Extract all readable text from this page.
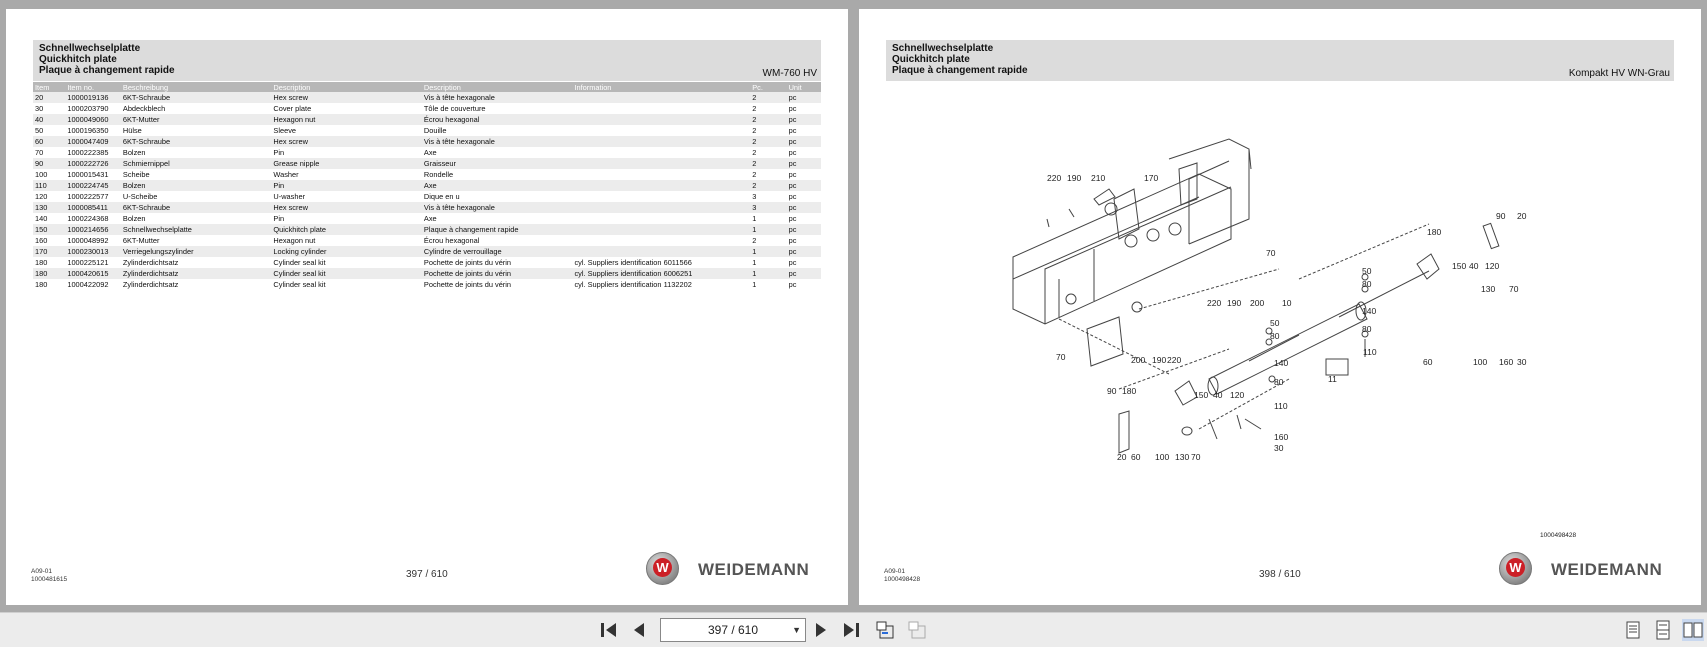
Schnellwechselplatte
Quickhitch plate
Plaque à changement rapide	WM-760 HV
Item	Item no.	Beschreibung	Description	Description	Information	Pc.	Unit
20	1000019136	6KT-Schraube	Hex screw	Vis à tête hexagonale		2	pc
30	1000203790	Abdeckblech	Cover plate	Tôle de couverture		2	pc
40	1000049060	6KT-Mutter	Hexagon nut	Écrou hexagonal		2	pc
50	1000196350	Hülse	Sleeve	Douille		2	pc
60	1000047409	6KT-Schraube	Hex screw	Vis à tête hexagonale		2	pc
70	1000222385	Bolzen	Pin	Axe		2	pc
90	1000222726	Schmiernippel	Grease nipple	Graisseur		2	pc
100	1000015431	Scheibe	Washer	Rondelle		2	pc
110	1000224745	Bolzen	Pin	Axe		2	pc
120	1000222577	U-Scheibe	U-washer	Dique en u		3	pc
130	1000085411	6KT-Schraube	Hex screw	Vis à tête hexagonale		3	pc
140	1000224368	Bolzen	Pin	Axe		1	pc
150	1000214656	Schnellwechselplatte	Quickhitch plate	Plaque à changement rapide		1	pc
160	1000048992	6KT-Mutter	Hexagon nut	Écrou hexagonal		2	pc
170	1000230013	Verriegelungszylinder	Locking cylinder	Cylindre de verrouillage		1	pc
180	1000225121	Zylinderdichtsatz	Cylinder seal kit	Pochette de joints du vérin	cyl. Suppliers identification 6011566	1	pc
180	1000420615	Zylinderdichtsatz	Cylinder seal kit	Pochette de joints du vérin	cyl. Suppliers identification 6006251	1	pc
180	1000422092	Zylinderdichtsatz	Cylinder seal kit	Pochette de joints du vérin	cyl. Suppliers identification 1132202	1	pc
A09-01
1000481615	397 / 610	W WEIDEMANN
Schnellwechselplatte
Quickhitch plate
Plaque à changement rapide	Kompakt HV WN-Grau
220 190 210	170
70
180
90 20
50
80
150 40 120
130 70
220 190 200 10
140
50
80
80
110
60	100 160 30
70	200 190 220	140
11
80
90 180	150 40 120
110
160
30
20 60 100 130 70
1000498428
A09-01
1000498428	398 / 610	W WEIDEMANN
397 / 610	▼
